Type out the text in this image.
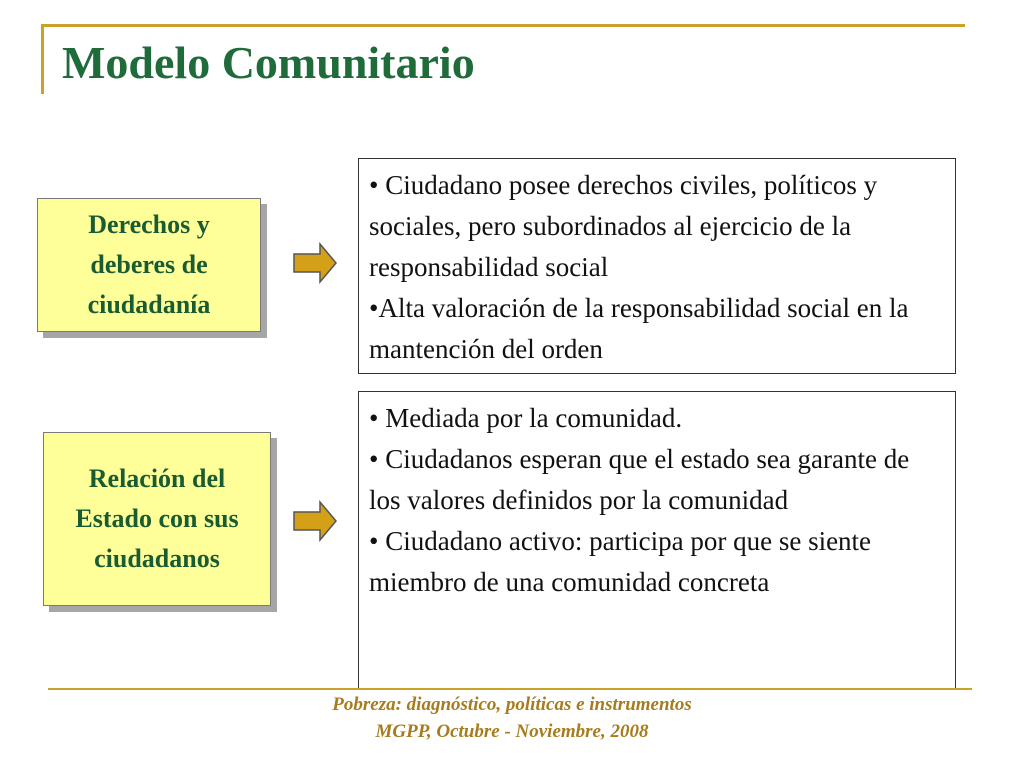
Modelo Comunitario
Derechos y deberes de ciudadanía

• Ciudadano posee derechos civiles, políticos y sociales, pero subordinados al ejercicio de la responsabilidad social

•Alta valoración de la responsabilidad social en la mantención del orden

Relación del Estado con sus ciudadanos

• Mediada por la comunidad.

• Ciudadanos esperan que el estado sea garante de los valores definidos por la comunidad

• Ciudadano activo: participa por que se siente miembro de una comunidad concreta

Pobreza: diagnóstico, políticas e instrumentos
MGPP, Octubre - Noviembre, 2008
